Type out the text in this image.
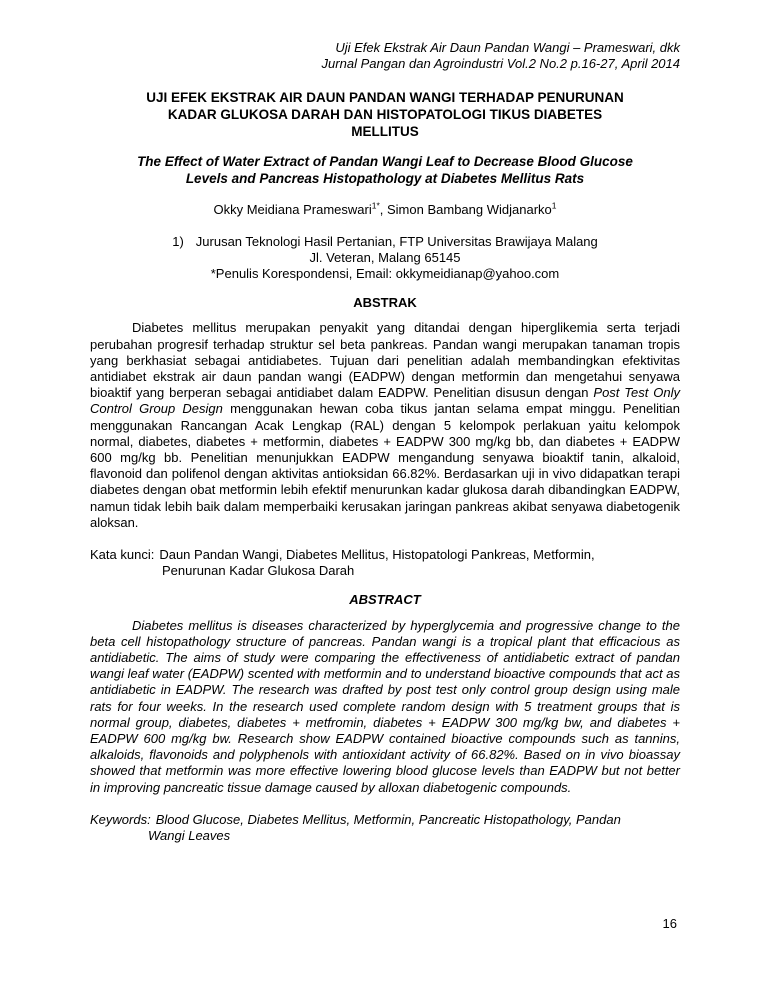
Uji Efek Ekstrak Air Daun Pandan Wangi – Prameswari, dkk
Jurnal Pangan dan Agroindustri Vol.2 No.2 p.16-27, April 2014
UJI EFEK EKSTRAK AIR DAUN PANDAN WANGI TERHADAP PENURUNAN
KADAR GLUKOSA DARAH DAN HISTOPATOLOGI TIKUS DIABETES
MELLITUS
The Effect of Water Extract of Pandan Wangi Leaf to Decrease Blood Glucose
Levels and Pancreas Histopathology at Diabetes Mellitus Rats
Okky Meidiana Prameswari$^{1*}$, Simon Bambang Widjanarko$^1$
1) Jurusan Teknologi Hasil Pertanian, FTP Universitas Brawijaya Malang
Jl. Veteran, Malang 65145
*Penulis Korespondensi, Email: okkymeidianap@yahoo.com
ABSTRAK

Diabetes mellitus merupakan penyakit yang ditandai dengan hiperglikemia serta terjadi perubahan progresif terhadap struktur sel beta pankreas. Pandan wangi merupakan tanaman tropis yang berkhasiat sebagai antidiabetes. Tujuan dari penelitian adalah membandingkan efektivitas antidiabet ekstrak air daun pandan wangi (EADPW) dengan metformin dan mengetahui senyawa bioaktif yang berperan sebagai antidiabet dalam EADPW. Penelitian disusun dengan Post Test Only Control Group Design menggunakan hewan coba tikus jantan selama empat minggu. Penelitian menggunakan Rancangan Acak Lengkap (RAL) dengan 5 kelompok perlakuan yaitu kelompok normal, diabetes, diabetes + metformin, diabetes + EADPW 300 mg/kg bb, dan diabetes + EADPW 600 mg/kg bb. Penelitian menunjukkan EADPW mengandung senyawa bioaktif tanin, alkaloid, flavonoid dan polifenol dengan aktivitas antioksidan 66.82%. Berdasarkan uji in vivo didapatkan terapi diabetes dengan obat metformin lebih efektif menurunkan kadar glukosa darah dibandingkan EADPW, namun tidak lebih baik dalam memperbaiki kerusakan jaringan pankreas akibat senyawa diabetogenik aloksan.

Kata kunci: Daun Pandan Wangi, Diabetes Mellitus, Histopatologi Pankreas, Metformin,
Penurunan Kadar Glukosa Darah

ABSTRACT

Diabetes mellitus is diseases characterized by hyperglycemia and progressive change to the beta cell histopathology structure of pancreas. Pandan wangi is a tropical plant that efficacious as antidiabetic. The aims of study were comparing the effectiveness of antidiabetic extract of pandan wangi leaf water (EADPW) scented with metformin and to understand bioactive compounds that act as antidiabetic in EADPW. The research was drafted by post test only control group design using male rats for four weeks. In the research used complete random design with 5 treatment groups that is normal group, diabetes, diabetes + metfromin, diabetes + EADPW 300 mg/kg bw, and diabetes + EADPW 600 mg/kg bw. Research show EADPW contained bioactive compounds such as tannins, alkaloids, flavonoids and polyphenols with antioxidant activity of 66.82%. Based on in vivo bioassay showed that metformin was more effective lowering blood glucose levels than EADPW but not better in improving pancreatic tissue damage caused by alloxan diabetogenic compounds.

Keywords: Blood Glucose, Diabetes Mellitus, Metformin, Pancreatic Histopathology, Pandan
Wangi Leaves

16
